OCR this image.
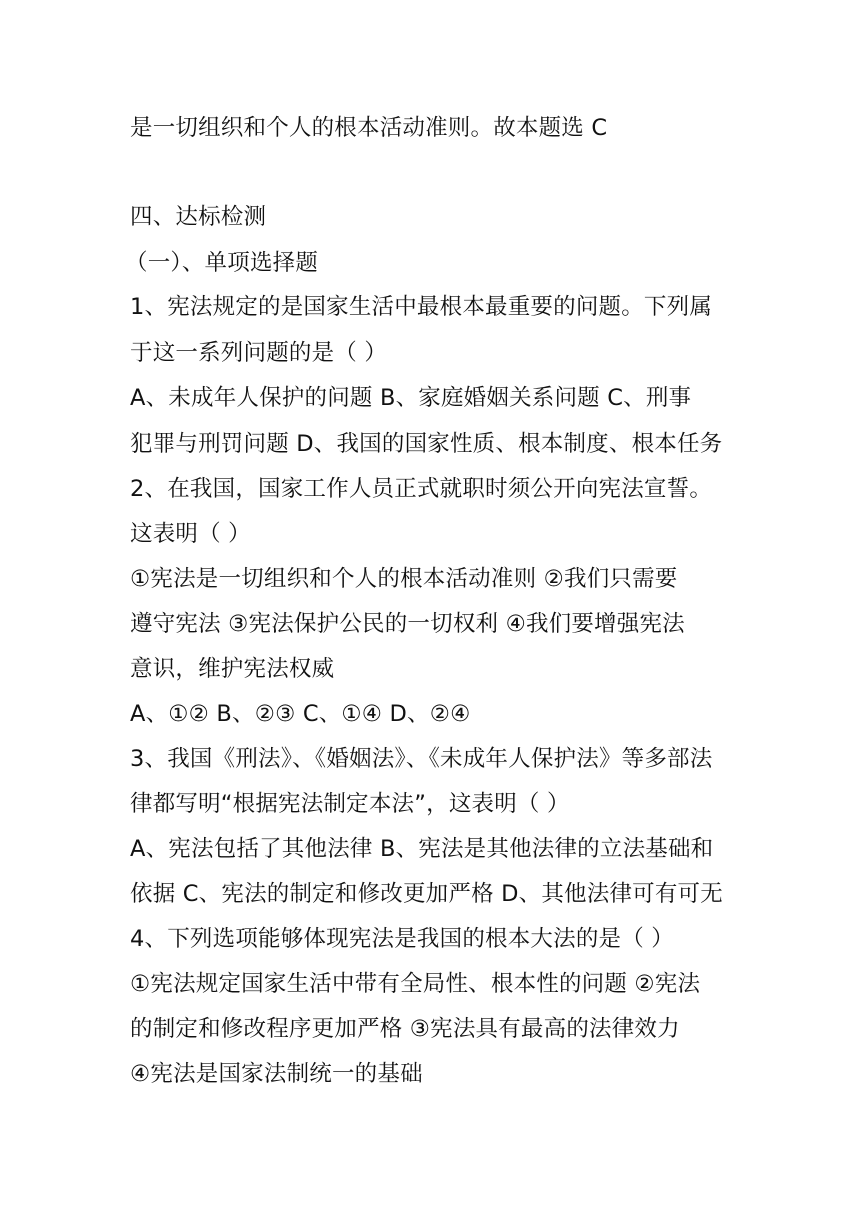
是一切组织和个人的根本活动准则。故本题选 C
四、达标检测
（一）、单项选择题
1、宪法规定的是国家生活中最根本最重要的问题。下列属
于这一系列问题的是（ ）
A、未成年人保护的问题 B、家庭婚姻关系问题 C、刑事
犯罪与刑罚问题 D、我国的国家性质、根本制度、根本任务
2、在我国，国家工作人员正式就职时须公开向宪法宣誓。
这表明（ ）
①宪法是一切组织和个人的根本活动准则 ②我们只需要
遵守宪法 ③宪法保护公民的一切权利 ④我们要增强宪法
意识，维护宪法权威
A、①② B、②③ C、①④ D、②④
3、我国《刑法》、《婚姻法》、《未成年人保护法》等多部法
律都写明“根据宪法制定本法”，这表明（ ）
A、宪法包括了其他法律 B、宪法是其他法律的立法基础和
依据 C、宪法的制定和修改更加严格 D、其他法律可有可无
4、下列选项能够体现宪法是我国的根本大法的是（ ）
①宪法规定国家生活中带有全局性、根本性的问题 ②宪法
的制定和修改程序更加严格 ③宪法具有最高的法律效力
④宪法是国家法制统一的基础
